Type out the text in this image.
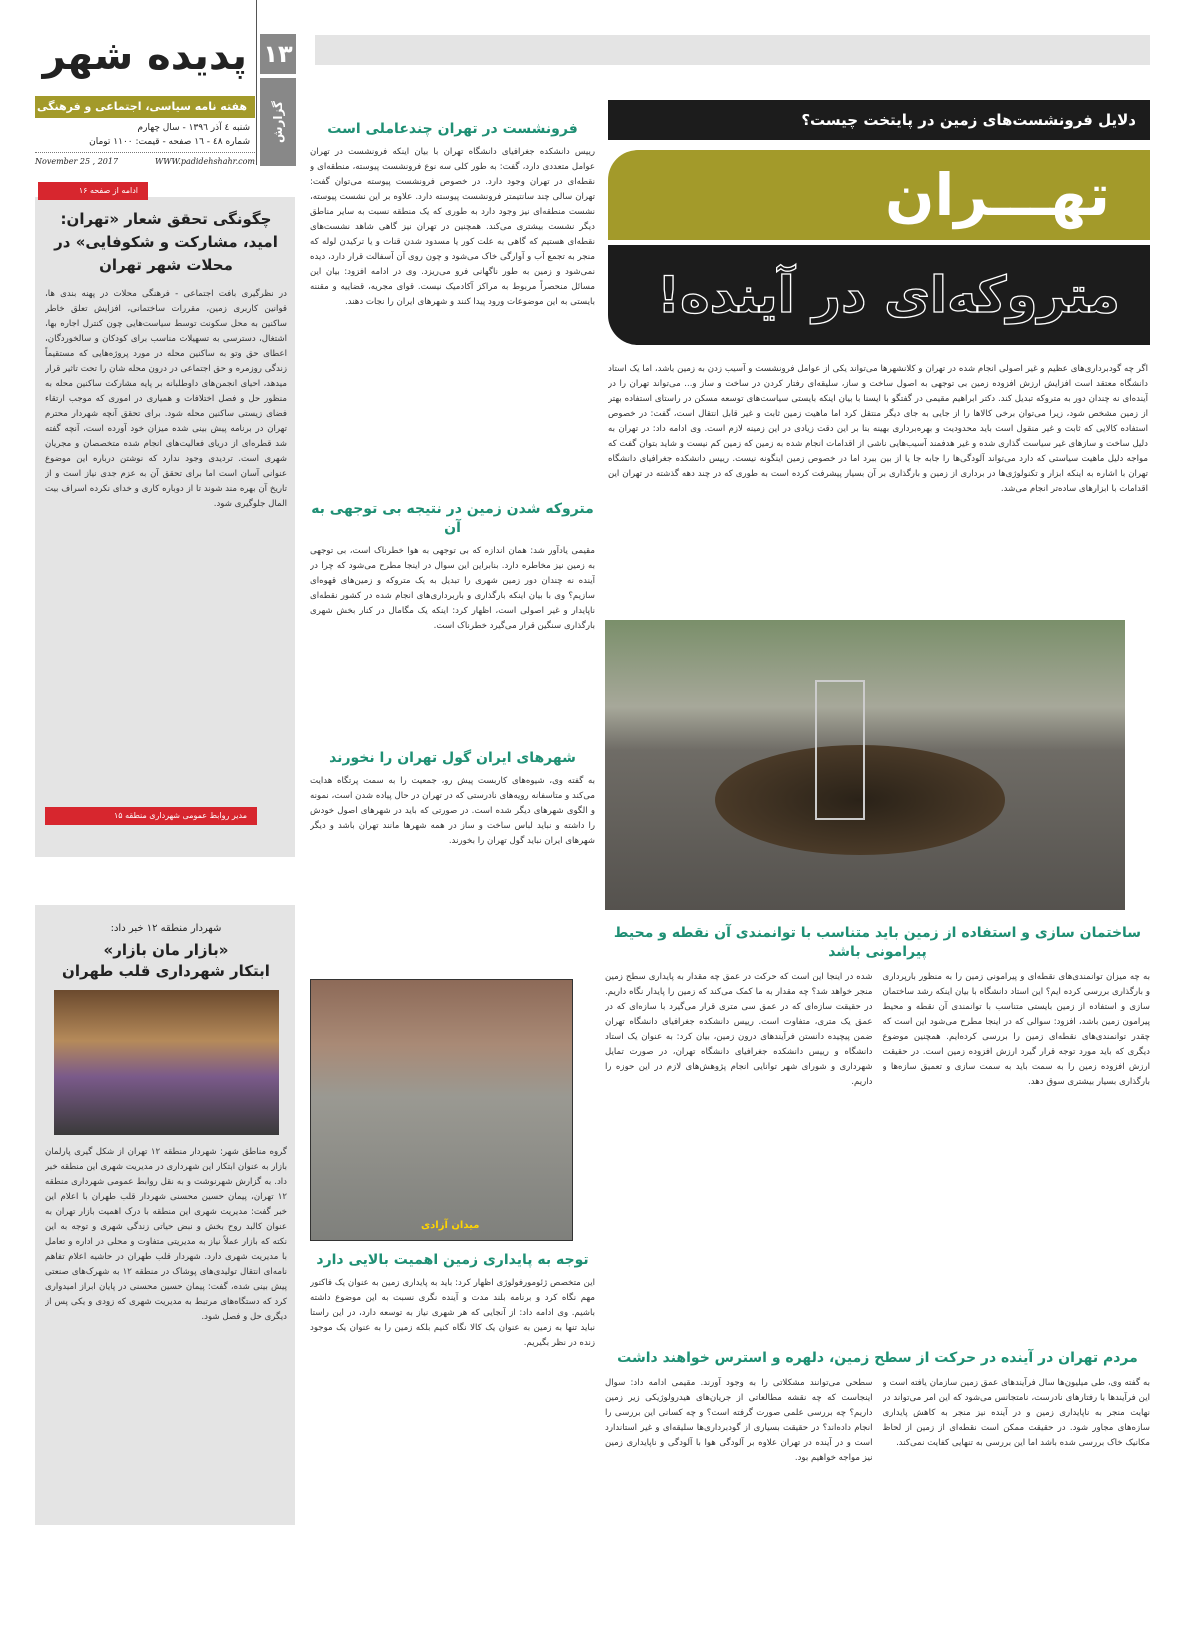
پدیده شهر
هفته نامه سیاسی، اجتماعی و فرهنگی
شنبه ٤ آذر ١٣٩٦ - سال چهارم
شماره ٤٨ - ١٦ صفحه - قیمت: ١١٠٠ تومان
November 25 , 2017	WWW.padidehshahr.com
۱۳
گزارش	دلایل فرونشست‌های زمین در پایتخت چیست؟
تهـــران
متروکه‌ای در آینده!
اگر چه گودبرداری‌های عظیم و غیر اصولی انجام شده در تهران و کلانشهرها می‌تواند یکی از عوامل فرونشست و آسیب زدن به زمین باشد، اما یک استاد دانشگاه معتقد است افزایش ارزش افزوده زمین بی توجهی به اصول ساخت و ساز، سلیقه‌ای رفتار کردن در ساخت و ساز و... می‌تواند تهران را در آینده‌ای نه چندان دور به متروکه تبدیل کند. دکتر ابراهیم مقیمی در گفتگو با ایسنا با بیان اینکه بایستی سیاست‌های توسعه مسکن در راستای استفاده بهتر از زمین مشخص شود، زیرا می‌توان برخی کالاها را از جایی به جای دیگر منتقل کرد اما ماهیت زمین ثابت و غیر قابل انتقال است، گفت: در خصوص استفاده کالایی که ثابت و غیر منقول است باید محدودیت و بهره‌برداری بهینه بنا بر این دقت زیادی در این زمینه لازم است. وی ادامه داد: در تهران به دلیل ساخت و سازهای غیر سیاست گذاری شده و غیر هدفمند آسیب‌هایی ناشی از اقدامات انجام شده به زمین که زمین کم نیست و شاید بتوان گفت که مواجه دلیل ماهیت سیاستی که دارد می‌تواند آلودگی‌ها را جابه جا یا از بین ببرد اما در خصوص زمین اینگونه نیست. رییس دانشکده جغرافیای دانشگاه تهران با اشاره به اینکه ابزار و تکنولوژی‌ها در برداری از زمین و بارگذاری بر آن بسیار پیشرفت کرده است به طوری که در چند دهه گذشته در تهران این اقدامات با ابزارهای ساده‌تر انجام می‌شد.
ساختمان سازی و استفاده از زمین باید متناسب با توانمندی آن نقطه و محیط پیرامونی باشد
به چه میزان توانمندی‌های نقطه‌ای و پیرامونی زمین را به منظور بارپرداری و بارگذاری بررسی کرده ایم؟ این استاد دانشگاه با بیان اینکه رشد ساختمان سازی و استفاده از زمین بایستی متناسب با توانمندی آن نقطه و محیط پیرامون زمین باشد، افزود: سوالی که در اینجا مطرح می‌شود این است که چقدر توانمندی‌های نقطه‌ای زمین را بررسی کرده‌ایم. همچنین موضوع دیگری که باید مورد توجه قرار گیرد ارزش افزوده زمین است. در حقیقت ارزش افزوده زمین را به سمت باید به سمت سازی و تعمیق سازه‌ها و بارگذاری بسیار بیشتری سوق دهد.
شده در اینجا این است که حرکت در عمق چه مقدار به پایداری سطح زمین منجر خواهد شد؟ چه مقدار به ما کمک می‌کند که زمین را پایدار نگاه داریم. در حقیقت سازه‌ای که در عمق سی متری قرار می‌گیرد با سازه‌ای که در عمق یک متری، متفاوت است. رییس دانشکده جغرافیای دانشگاه تهران ضمن پیچیده دانستن فرآیندهای درون زمین، بیان کرد: به عنوان یک استاد دانشگاه و رییس دانشکده جغرافیای دانشگاه تهران، در صورت تمایل شهرداری و شورای شهر توانایی انجام پژوهش‌های لازم در این حوزه را داریم.
مردم تهران در آینده در حرکت از سطح زمین، دلهره و استرس خواهند داشت
به گفته وی، طی میلیون‌ها سال فرآیندهای عمق زمین سازمان یافته است و این فرآیندها با رفتارهای نادرست، نامتجانس می‌شود که این امر می‌تواند در نهایت منجر به ناپایداری زمین و در آینده نیز منجر به کاهش پایداری سازه‌های مجاور شود. در حقیقت ممکن است نقطه‌ای از زمین از لحاظ مکانیک خاک بررسی شده باشد اما این بررسی به تنهایی کفایت نمی‌کند.
سطحی می‌توانند مشکلاتی را به وجود آورند. مقیمی ادامه داد: سوال اینجاست که چه نقشه مطالعاتی از جریان‌های هیدرولوژیکی زیر زمین داریم؟ چه بررسی علمی صورت گرفته است؟ و چه کسانی این بررسی را انجام داده‌اند؟ در حقیقت بسیاری از گودبرداری‌ها سلیقه‌ای و غیر استاندارد است و در آینده در تهران علاوه بر آلودگی هوا با آلودگی و ناپایداری زمین نیز مواجه خواهیم بود.
فرونشست در تهران چندعاملی است
رییس دانشکده جغرافیای دانشگاه تهران با بیان اینکه فرونشست در تهران عوامل متعددی دارد، گفت: به طور کلی سه نوع فرونشست پیوسته، منطقه‌ای و نقطه‌ای در تهران وجود دارد. در خصوص فرونشست پیوسته می‌توان گفت: تهران سالی چند سانتیمتر فرونشست پیوسته دارد. علاوه بر این نشست پیوسته، نشست منطقه‌ای نیز وجود دارد به طوری که یک منطقه نسبت به سایر مناطق دیگر نشست بیشتری می‌کند. همچنین در تهران نیز گاهی شاهد نشست‌های نقطه‌ای هستیم که گاهی به علت کور یا مسدود شدن قنات و یا ترکیدن لوله که منجر به تجمع آب و آوارگی خاک می‌شود و چون روی آن آسفالت قرار دارد، دیده نمی‌شود و زمین به طور ناگهانی فرو می‌ریزد. وی در ادامه افزود: بیان این مسائل منحصراً مربوط به مراکز آکادمیک نیست. قوای مجریه، قضاییه و مقننه بایستی به این موضوعات ورود پیدا کنند و شهرهای ایران را نجات دهند.
متروکه شدن زمین در نتیجه بی توجهی به آن
مقیمی یادآور شد: همان اندازه که بی توجهی به هوا خطرناک است، بی توجهی به زمین نیز مخاطره دارد. بنابراین این سوال در اینجا مطرح می‌شود که چرا در آینده نه چندان دور زمین شهری را تبدیل به یک متروکه و زمین‌های قهوه‌ای سازیم؟ وی با بیان اینکه بارگذاری و باربرداری‌های انجام شده در کشور نقطه‌ای ناپایدار و غیر اصولی است، اظهار کرد: اینکه یک مگامال در کنار بخش شهری بارگذاری سنگین قرار می‌گیرد خطرناک است.
شهرهای ایران گول تهران را نخورند
به گفته وی، شیوه‌های کاربست پیش رو، جمعیت را به سمت پرتگاه هدایت می‌کند و متاسفانه رویه‌های نادرستی که در تهران در حال پیاده شدن است، نمونه و الگوی شهرهای دیگر شده است. در صورتی که باید در شهرهای اصول خودش را داشته و نباید لباس ساخت و ساز در همه شهرها مانند تهران باشد و دیگر شهرهای ایران نباید گول تهران را بخورند.
میدان آزادی
توجه به پایداری زمین اهمیت بالایی دارد
این متخصص ژئومورفولوژی اظهار کرد: باید به پایداری زمین به عنوان یک فاکتور مهم نگاه کرد و برنامه بلند مدت و آینده نگری نسبت به این موضوع داشته باشیم. وی ادامه داد: از آنجایی که هر شهری نیاز به توسعه دارد، در این راستا نباید تنها به زمین به عنوان یک کالا نگاه کنیم بلکه زمین را به عنوان یک موجود زنده در نظر بگیریم.
ادامه از صفحه ۱۶
چگونگی تحقق شعار «تهران: امید، مشارکت و شکوفایی» در محلات شهر تهران
در نظرگیری بافت اجتماعی - فرهنگی محلات در پهنه بندی ها، قوانین کاربری زمین، مقررات ساختمانی، افزایش تعلق خاطر ساکنین به محل سکونت توسط سیاست‌هایی چون کنترل اجاره بها، اشتغال، دسترسی به تسهیلات مناسب برای کودکان و سالخوردگان، اعطای حق وتو به ساکنین محله در مورد پروژه‌هایی که مستقیماً زندگی روزمره و حق اجتماعی در درون محله شان را تحت تاثیر قرار میدهد، احیای انجمن‌های داوطلبانه بر پایه مشارکت ساکنین محله به منظور حل و فصل اختلافات و همیاری در اموری که موجب ارتقاء فضای زیستی ساکنین محله شود. برای تحقق آنچه شهردار محترم تهران در برنامه پیش بینی شده میزان خود آورده است، آنچه گفته شد قطره‌ای از دریای فعالیت‌های انجام شده متخصصان و مجریان شهری است. تردیدی وجود ندارد که نوشتن درباره این موضوع عنوانی آسان است اما برای تحقق آن به عزم جدی نیاز است و از تاریخ آن بهره مند شوند تا از دوباره کاری و خدای نکرده اسراف بیت المال جلوگیری شود.
مدیر روابط عمومی شهرداری منطقه ۱۵
شهردار منطقه ۱۲ خبر داد:
«بازار مان بازار»
ابتکار شهرداری قلب طهران
گروه مناطق شهر: شهردار منطقه ۱۲ تهران از شکل گیری پارلمان بازار به عنوان ابتکار این شهرداری در مدیریت شهری این منطقه خبر داد. به گزارش شهرنوشت و به نقل روابط عمومی شهرداری منطقه ۱۲ تهران، پیمان حسین محسنی شهردار قلب طهران با اعلام این خبر گفت: مدیریت شهری این منطقه با درک اهمیت بازار تهران به عنوان کالبد روح بخش و نبض حیاتی زندگی شهری و توجه به این نکته که بازار عملاً نیاز به مدیریتی متفاوت و محلی در اداره و تعامل با مدیریت شهری دارد. شهردار قلب طهران در حاشیه اعلام تفاهم نامه‌ای انتقال تولیدی‌های پوشاک در منطقه ۱۲ به شهرک‌های صنعتی پیش بینی شده، گفت: پیمان حسین محسنی در پایان ابراز امیدواری کرد که دستگاه‌های مرتبط به مدیریت شهری که زودی و یکی پس از دیگری حل و فصل شود.
